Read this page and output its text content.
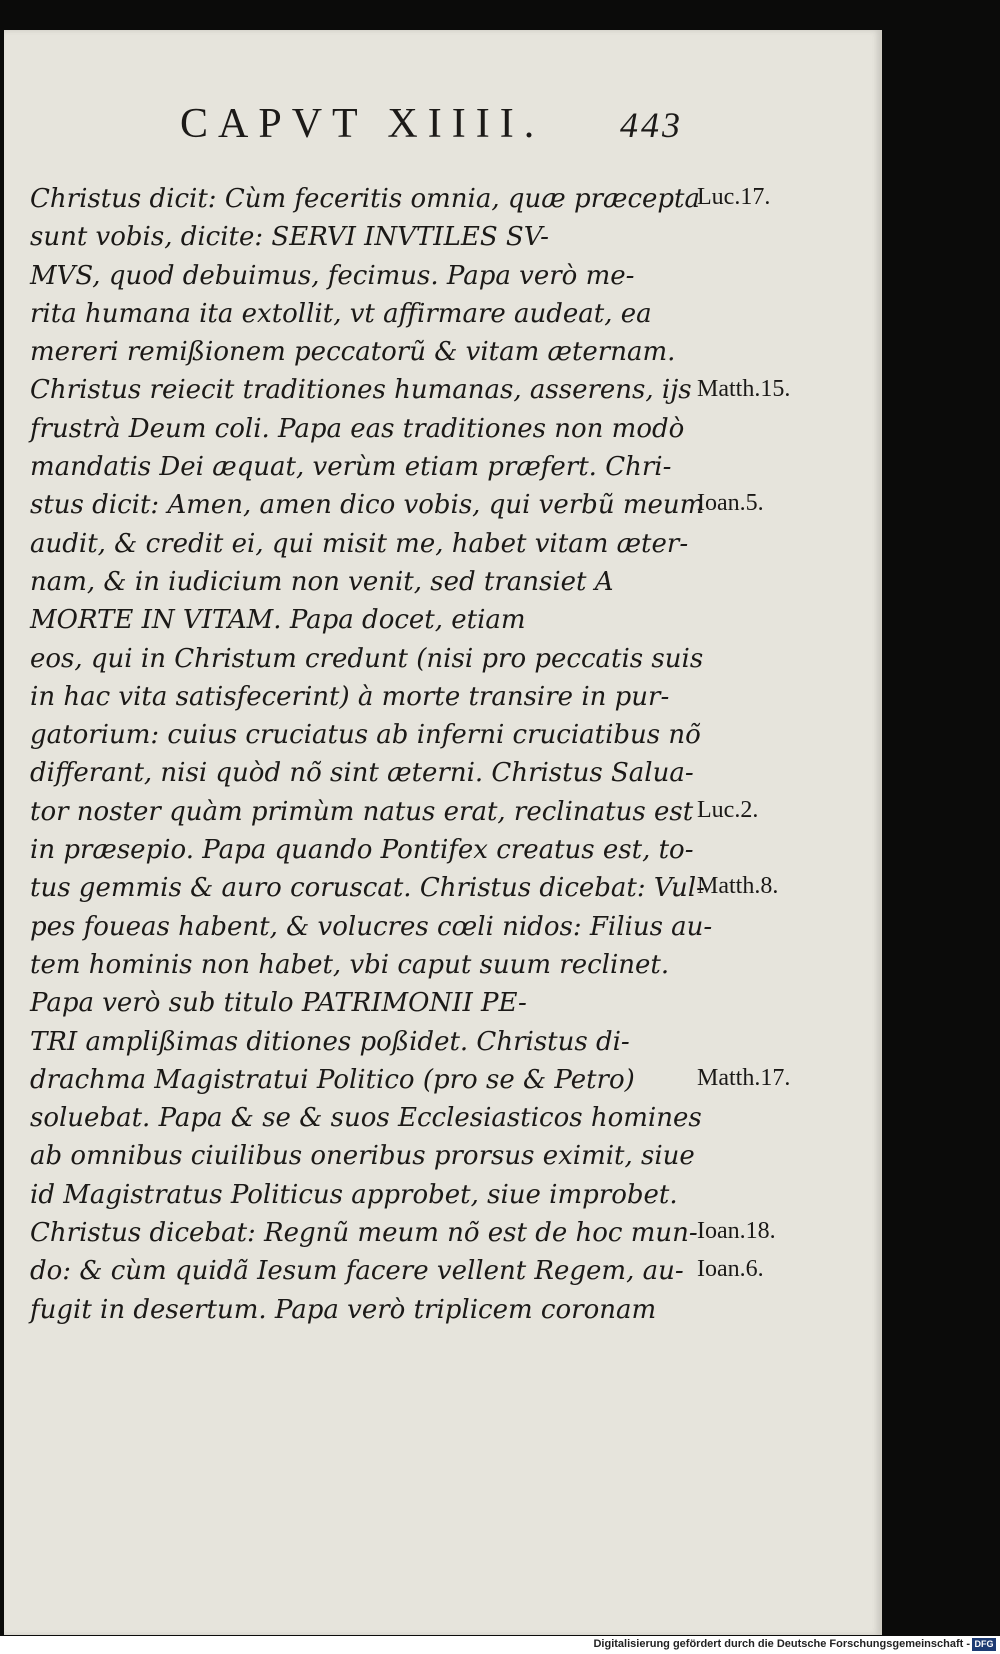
CAPVT XIIII. 443
Christus dicit: Cùm feceritis omnia, quæ præcepta
sunt vobis, dicite: SERVI INVTILES SV-
MVS, quod debuimus, fecimus. Papa verò me-
rita humana ita extollit, vt affirmare audeat, ea
mereri remißionem peccatorũ & vitam æternam.
Christus reiecit traditiones humanas, asserens, ijs
frustrà Deum coli. Papa eas traditiones non modò
mandatis Dei æquat, verùm etiam præfert. Chri-
stus dicit: Amen, amen dico vobis, qui verbũ meum
audit, & credit ei, qui misit me, habet vitam æter-
nam, & in iudicium non venit, sed transiet A
MORTE IN VITAM. Papa docet, etiam
eos, qui in Christum credunt (nisi pro peccatis suis
in hac vita satisfecerint) à morte transire in pur-
gatorium: cuius cruciatus ab inferni cruciatibus nõ
differant, nisi quòd nõ sint æterni. Christus Salua-
tor noster quàm primùm natus erat, reclinatus est
in præsepio. Papa quando Pontifex creatus est, to-
tus gemmis & auro coruscat. Christus dicebat: Vul-
pes foueas habent, & volucres cœli nidos: Filius au-
tem hominis non habet, vbi caput suum reclinet.
Papa verò sub titulo PATRIMONII PE-
TRI amplißimas ditiones poßidet. Christus di-
drachma Magistratui Politico (pro se & Petro)
soluebat. Papa & se & suos Ecclesiasticos homines
ab omnibus ciuilibus oneribus prorsus eximit, siue
id Magistratus Politicus approbet, siue improbet.
Christus dicebat: Regnũ meum nõ est de hoc mun-
do: & cùm quidã Iesum facere vellent Regem, au-
fugit in desertum. Papa verò triplicem coronam
Luc.17.
Matth.15.
Ioan.5.
Luc.2.
Matth.8.
Matth.17.
Ioan.18.
Ioan.6.
Digitalisierung gefördert durch die Deutsche Forschungsgemeinschaft - DFG
